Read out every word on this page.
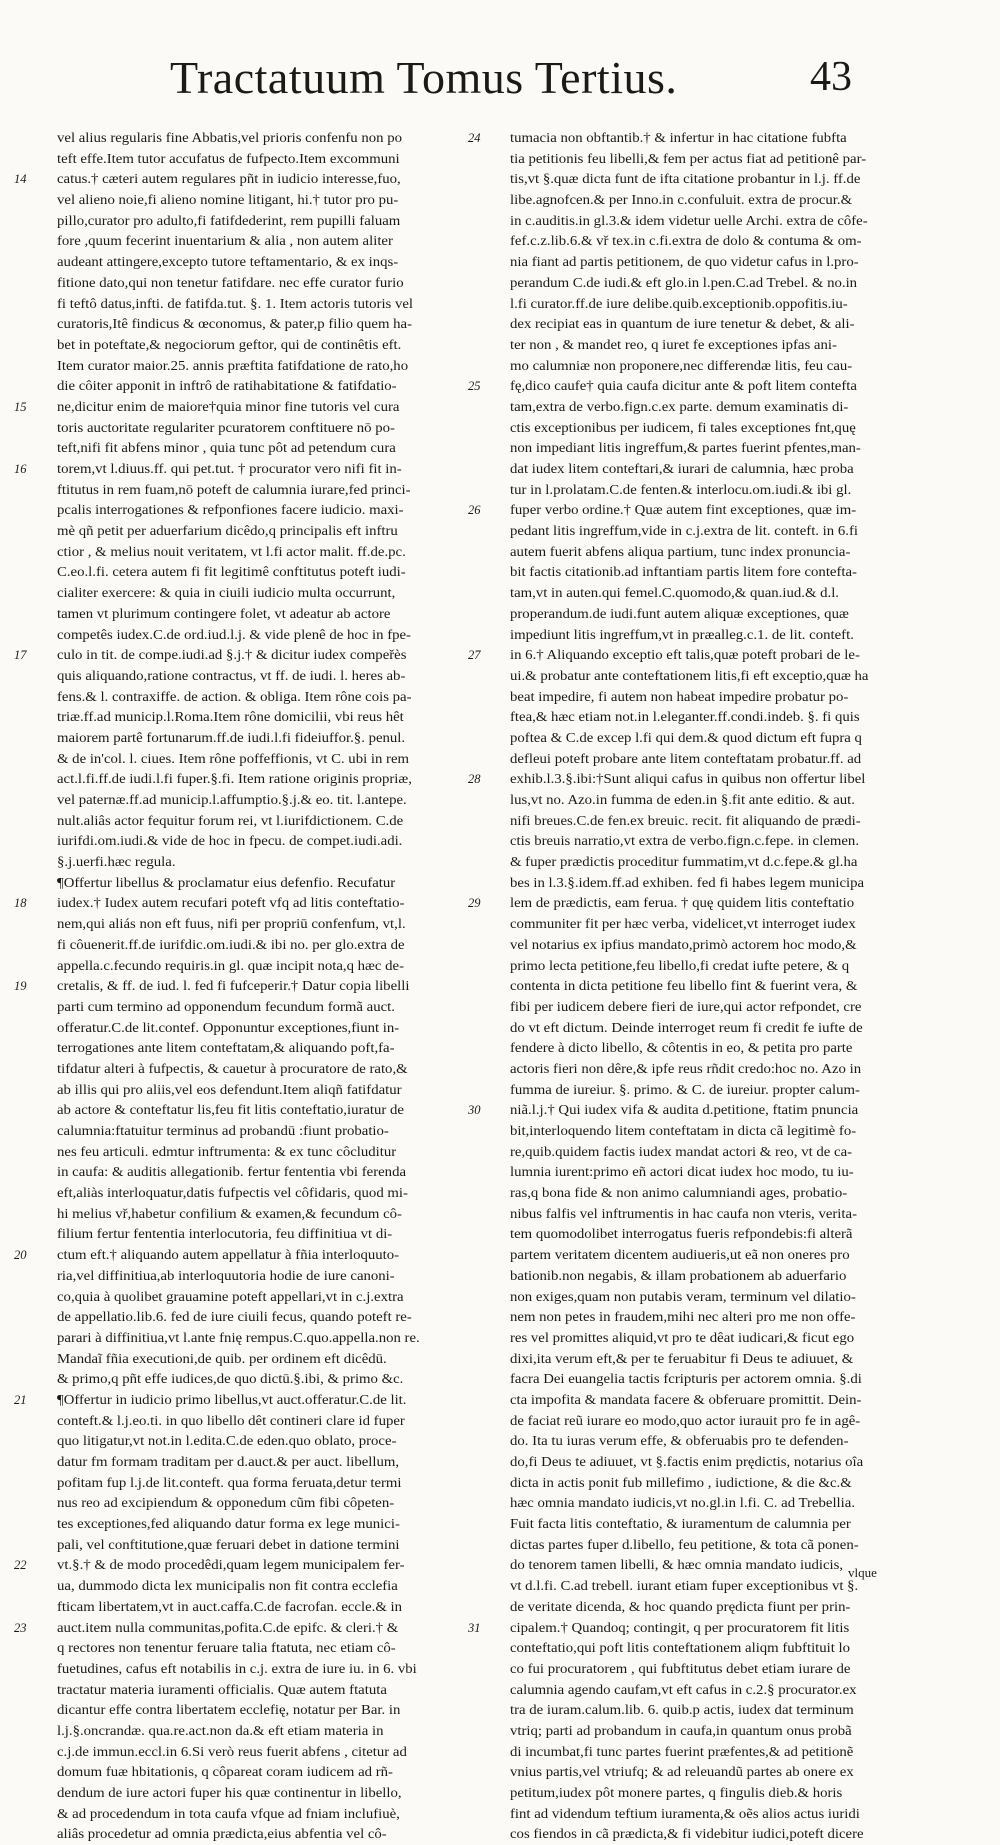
Tractatuum Tomus Tertius.	43
vel alius regularis fine Abbatis,vel prioris confenfu non po
teft effe.Item tutor accufatus de fufpecto.Item excommuni
14	catus.† cæteri autem regulares pñt in iudicio interesse,fuo,
vel alieno noie,fi alieno nomine litigant, hi.† tutor pro pu-
pillo,curator pro adulto,fi fatifdederint, rem pupilli faluam
fore ,quum fecerint inuentarium & alia , non autem aliter
audeant attingere,excepto tutore teftamentario, & ex inqs-
fitione dato,qui non tenetur fatifdare. nec effe curator furio
fi teftô datus,infti. de fatifda.tut. §. 1. Item actoris tutoris vel
curatoris,Itê findicus & œconomus, & pater,p filio quem ha-
bet in poteftate,& negociorum geftor, qui de continêtis eft.
Item curator maior.25. annis præftita fatifdatione de rato,ho
die côiter apponit in inftrô de ratihabitatione & fatifdatio-
15	ne,dicitur enim de maiore†quia minor fine tutoris vel cura
toris auctoritate regulariter pcuratorem conftituere nō po-
teft,nifi fit abfens minor , quia tunc pôt ad petendum cura
16	torem,vt l.diuus.ff. qui pet.tut. † procurator vero nifi fit in-
ftitutus in rem fuam,nō poteft de calumnia iurare,fed princi-
pcalis interrogationes & refponfiones facere iudicio. maxi-
mè qñ petit per aduerfarium dicêdo,q principalis eft inftru
ctior , & melius nouit veritatem, vt l.fi actor malit. ff.de.pc.
C.eo.l.fi. cetera autem fi fit legitimê conftitutus poteft iudi-
cialiter exercere: & quia in ciuili iudicio multa occurrunt,
tamen vt plurimum contingere folet, vt adeatur ab actore
competês iudex.C.de ord.iud.l.j. & vide plenê de hoc in fpe-
17	culo in tit. de compe.iudi.ad §.j.† & dicitur iudex compeřès
quis aliquando,ratione contractus, vt ff. de iudi. l. heres ab-
fens.& l. contraxiffe. de action. & obliga. Item rône cois pa-
triæ.ff.ad municip.l.Roma.Item rône domicilii, vbi reus hêt
maiorem partê fortunarum.ff.de iudi.l.fi fideiuffor.§. penul.
& de in'col. l. ciues. Item rône poffeffionis, vt C. ubi in rem
act.l.fi.ff.de iudi.l.fi fuper.§.fi. Item ratione originis propriæ,
vel paternæ.ff.ad municip.l.affumptio.§.j.& eo. tit. l.antepe.
nult.aliâs actor fequitur forum rei, vt l.iurifdictionem. C.de
iurifdi.om.iudi.& vide de hoc in fpecu. de compet.iudi.adi.
§.j.uerfi.hæc regula.
¶Offertur libellus & proclamatur eius defenfio. Recufatur
18	iudex.† Iudex autem recufari poteft vfq ad litis conteftatio-
nem,qui aliás non eft fuus, nifi per propriū confenfum, vt,l.
fi côuenerit.ff.de iurifdic.om.iudi.& ibi no. per glo.extra de
appella.c.fecundo requiris.in gl. quæ incipit nota,q hæc de-
19	cretalis, & ff. de iud. l. fed fi fufceperir.† Datur copia libelli
parti cum termino ad opponendum fecundum formã auct.
offeratur.C.de lit.contef. Opponuntur exceptiones,fiunt in-
terrogationes ante litem conteftatam,& aliquando poft,fa-
tifdatur alteri à fufpectis, & cauetur à procuratore de rato,&
ab illis qui pro aliis,vel eos defendunt.Item aliqñ fatifdatur
ab actore & conteftatur lis,feu fit litis conteftatio,iuratur de
calumnia:ftatuitur terminus ad probandū :fiunt probatio-
nes feu articuli. edmtur inftrumenta: & ex tunc côcluditur
in caufa: & auditis allegationib. fertur fententia vbi ferenda
eft,aliàs interloquatur,datis fufpectis vel côfidaris, quod mi-
hi melius vř,habetur confilium & examen,& fecundum cô-
filium fertur fententia interlocutoria, feu diffinitiua vt di-
20	ctum eft.† aliquando autem appellatur à fñia interloquuto-
ria,vel diffinitiua,ab interloquutoria hodie de iure canoni-
co,quia à quolibet grauamine poteft appellari,vt in c.j.extra
de appellatio.lib.6. fed de iure ciuili fecus, quando poteft re-
parari à diffinitiua,vt l.ante fnię rempus.C.quo.appella.non re.
Mandaĩ fñia executioni,de quib. per ordinem eft dicêdū.
& primo,q pñt effe iudices,de quo dictū.§.ibi, & primo &c.
21	¶Offertur in iudicio primo libellus,vt auct.offeratur.C.de lit.
conteft.& l.j.eo.ti. in quo libello dêt contineri clare id fuper
quo litigatur,vt not.in l.edita.C.de eden.quo oblato, proce-
datur fm formam traditam per d.auct.& per auct. libellum,
pofitam fup l.j.de lit.conteft. qua forma feruata,detur termi
nus reo ad excipiendum & opponedum cũm fibi côpeten-
tes exceptiones,fed aliquando datur forma ex lege munici-
pali, vel conftitutione,quæ feruari debet in datione termini
22	vt.§.† & de modo procedêdi,quam legem municipalem fer-
ua, dummodo dicta lex municipalis non fit contra ecclefia
fticam libertatem,vt in auct.caffa.C.de facrofan. eccle.& in
23	auct.item nulla communitas,pofita.C.de epifc. & cleri.† &
q rectores non tenentur feruare talia ftatuta, nec etiam cô-
fuetudines, cafus eft notabilis in c.j. extra de iure iu. in 6. vbi
tractatur materia iuramenti officialis. Quæ autem ftatuta
dicantur effe contra libertatem ecclefię, notatur per Bar. in
l.j.§.oncrandæ. qua.re.act.non da.& eft etiam materia in
c.j.de immun.eccl.in 6.Si verò reus fuerit abfens , citetur ad
domum fuæ hbitationis, q côpareat coram iudicem ad rñ-
dendum de iure actori fuper his quæ continentur in libello,
& ad procedendum in tota caufa vfque ad fniam inclufiuè,
aliâs procedetur ad omnia prædicta,eius abfentia vel cô-
24	tumacia non obftantib.† & infertur in hac citatione fubfta
tia petitionis feu libelli,& fem per actus fiat ad petitionê par-
tis,vt §.quæ dicta funt de ifta citatione probantur in l.j. ff.de
libe.agnofcen.& per Inno.in c.confuluit. extra de procur.&
in c.auditis.in gl.3.& idem videtur uelle Archi. extra de côfe-
fef.c.z.lib.6.& vř tex.in c.fi.extra de dolo & contuma & om-
nia fiant ad partis petitionem, de quo videtur cafus in l.pro-
perandum C.de iudi.& eft glo.in l.pen.C.ad Trebel. & no.in
l.fi curator.ff.de iure delibe.quib.exceptionib.oppofitis.iu-
dex recipiat eas in quantum de iure tenetur & debet, & ali-
ter non , & mandet reo, q iuret fe exceptiones ipfas ani-
mo calumniæ non proponere,nec differendæ litis, feu cau-
25	fę,dico caufe† quia caufa dicitur ante & poft litem contefta
tam,extra de verbo.fign.c.ex parte. demum examinatis di-
ctis exceptionibus per iudicem, fi tales exceptiones fnt,quę
non impediant litis ingreffum,& partes fuerint pfentes,man-
dat iudex litem conteftari,& iurari de calumnia, hæc proba
tur in l.prolatam.C.de fenten.& interlocu.om.iudi.& ibi gl.
26	fuper verbo ordine.† Quæ autem fint exceptiones, quæ im-
pedant litis ingreffum,vide in c.j.extra de lit. conteft. in 6.fi
autem fuerit abfens aliqua partium, tunc index pronuncia-
bit factis citationib.ad inftantiam partis litem fore contefta-
tam,vt in auten.qui femel.C.quomodo,& quan.iud.& d.l.
properandum.de iudi.funt autem aliquæ exceptiones, quæ
impediunt litis ingreffum,vt in præalleg.c.1. de lit. conteft.
27	in 6.† Aliquando exceptio eft talis,quæ poteft probari de le-
ui.& probatur ante conteftationem litis,fi eft exceptio,quæ ha
beat impedire, fi autem non habeat impedire probatur po-
ftea,& hæc etiam not.in l.eleganter.ff.condi.indeb. §. fi quis
poftea & C.de excep l.fi qui dem.& quod dictum eft fupra q
defleui poteft probare ante litem conteftatam probatur.ff. ad
28	exhib.l.3.§.ibi:†Sunt aliqui cafus in quibus non offertur libel
lus,vt no. Azo.in fumma de eden.in §.fit ante editio. & aut.
nifi breues.C.de fen.ex breuic. recit. fit aliquando de prædi-
ctis breuis narratio,vt extra de verbo.fign.c.fepe. in clemen.
& fuper prædictis proceditur fummatim,vt d.c.fepe.& gl.ha
bes in l.3.§.idem.ff.ad exhiben. fed fi habes legem municipa
29	lem de prædictis, eam ferua. † quę quidem litis conteftatio
communiter fit per hæc verba, videlicet,vt interroget iudex
vel notarius ex ipfius mandato,primò actorem hoc modo,&
primo lecta petitione,feu libello,fi credat iufte petere, & q
contenta in dicta petitione feu libello fint & fuerint vera, &
fibi per iudicem debere fieri de iure,qui actor refpondet, cre
do vt eft dictum. Deinde interroget reum fi credit fe iufte de
fendere à dicto libello, & côtentis in eo, & petita pro parte
actoris fieri non dêre,& ipfe reus rñdit credo:hoc no. Azo in
fumma de iureiur. §. primo. & C. de iureiur. propter calum-
30	niã.l.j.† Qui iudex vifa & audita d.petitione, ftatim pnuncia
bit,interloquendo litem conteftatam in dicta cã legitimè fo-
re,quib.quidem factis iudex mandat actori & reo, vt de ca-
lumnia iurent:primo eñ actori dicat iudex hoc modo, tu iu-
ras,q bona fide & non animo calumniandi ages, probatio-
nibus falfis vel inftrumentis in hac caufa non vteris, verita-
tem quomodolibet interrogatus fueris refpondebis:fi alterã
partem veritatem dicentem audiueris,ut eã non oneres pro
bationib.non negabis, & illam probationem ab aduerfario
non exiges,quam non putabis veram, terminum vel dilatio-
nem non petes in fraudem,mihi nec alteri pro me non offe-
res vel promittes aliquid,vt pro te dêat iudicari,& ficut ego
dixi,ita verum eft,& per te feruabitur fi Deus te adiuuet, &
facra Dei euangelia tactis fcripturis per actorem omnia. §.di
cta impofita & mandata facere & obferuare promittit. Dein-
de faciat reũ iurare eo modo,quo actor iurauit pro fe in agê-
do. Ita tu iuras verum effe, & obferuabis pro te defenden-
do,fi Deus te adiuuet, vt §.factis enim prędictis, notarius oîa
dicta in actis ponit fub millefimo , iudictione, & die &c.&
hæc omnia mandato iudicis,vt no.gl.in l.fi. C. ad Trebellia.
Fuit facta litis conteftatio, & iuramentum de calumnia per
dictas partes fuper d.libello, feu petitione, & tota cã ponen-
do tenorem tamen libelli, & hæc omnia mandato iudicis,
vt d.l.fi. C.ad trebell. iurant etiam fuper exceptionibus vt §.
de veritate dicenda, & hoc quando prędicta fiunt per prin-
31	cipalem.† Quandoq; contingit, q per procuratorem fit litis
conteftatio,qui poft litis conteftationem aliqm fubftituit lo
co fui procuratorem , qui fubftitutus debet etiam iurare de
calumnia agendo caufam,vt eft cafus in c.2.§ procurator.ex
tra de iuram.calum.lib. 6. quib.p actis, iudex dat terminum
vtriq; parti ad probandum in caufa,in quantum onus probã
di incumbat,fi tunc partes fuerint præfentes,& ad petitionẽ
vnius partis,vel vtriufq; & ad releuandũ partes ab onere ex
petitum,iudex pôt monere partes, q fingulis dieb.& horis
fint ad videndum teftium iuramenta,& oẽs alios actus iuridi
cos fiendos in cã prædicta,& fi videbitur iudici,poteft dicere
vlque
